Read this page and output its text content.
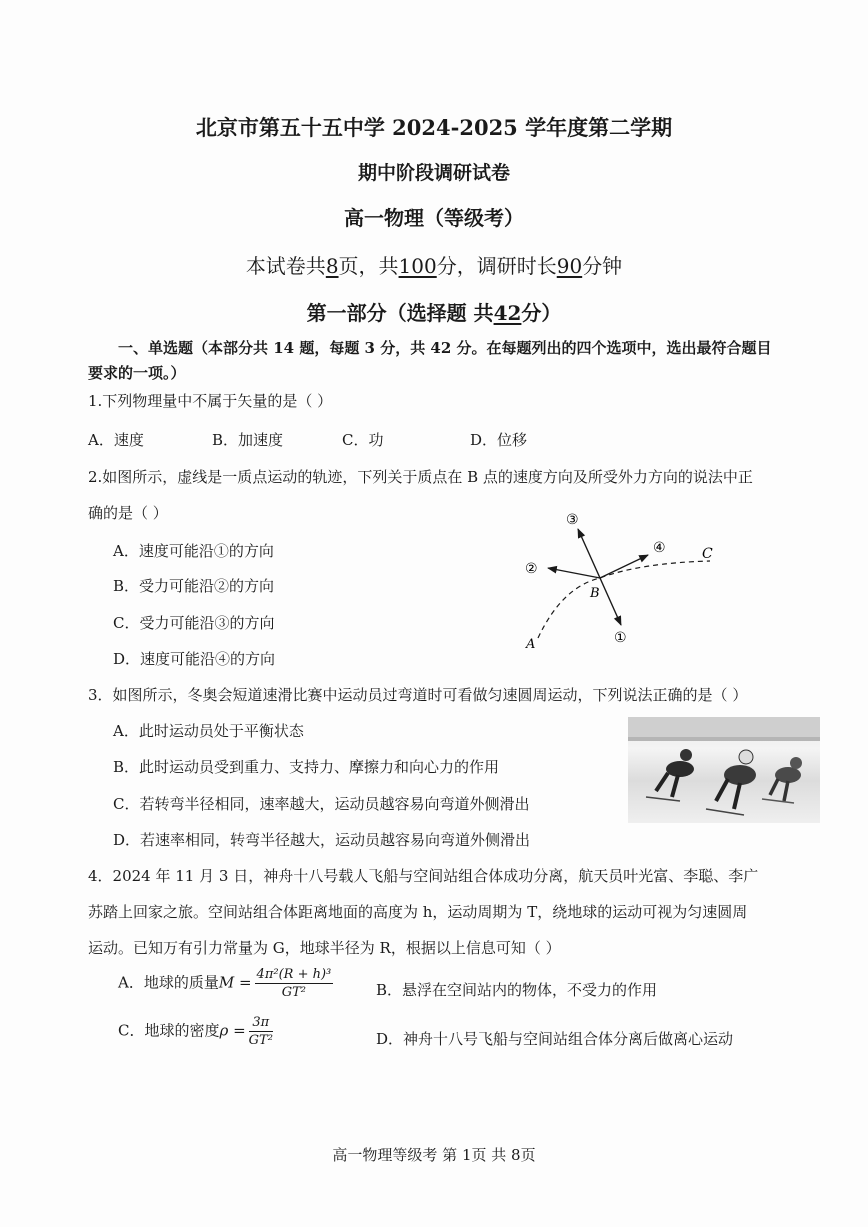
北京市第五十五中学 2024-2025 学年度第二学期
期中阶段调研试卷
高一物理（等级考）
本试卷共8页，共100分，调研时长90分钟
第一部分（选择题 共42分）
一、单选题（本部分共 14 题，每题 3 分，共 42 分。在每题列出的四个选项中，选出最符合题目
要求的一项。）
1.下列物理量中不属于矢量的是（ ）
A．速度	B．加速度	C．功	D．位移
2.如图所示，虚线是一质点运动的轨迹，下列关于质点在 B 点的速度方向及所受外力方向的说法中正
确的是（ ）
A．速度可能沿①的方向
B．受力可能沿②的方向
C．受力可能沿③的方向
D．速度可能沿④的方向
③
④	C
②
B
A	①
3．如图所示，冬奥会短道速滑比赛中运动员过弯道时可看做匀速圆周运动，下列说法正确的是（ ）
A．此时运动员处于平衡状态
B．此时运动员受到重力、支持力、摩擦力和向心力的作用
C．若转弯半径相同，速率越大，运动员越容易向弯道外侧滑出
D．若速率相同，转弯半径越大，运动员越容易向弯道外侧滑出
4．2024 年 11 月 3 日，神舟十八号载人飞船与空间站组合体成功分离，航天员叶光富、李聪、李广
苏踏上回家之旅。空间站组合体距离地面的高度为 h，运动周期为 T，绕地球的运动可视为匀速圆周
运动。已知万有引力常量为 G，地球半径为 R，根据以上信息可知（ ）
A．地球的质量$M = \frac{\text{4π²(R + h)³}}{\text{GT²}}$	B．悬浮在空间站内的物体，不受力的作用
C．地球的密度$\rho = \frac{3\pi}{\text{GT²}}$	D．神舟十八号飞船与空间站组合体分离后做离心运动
高一物理等级考 第 1页 共 8页
